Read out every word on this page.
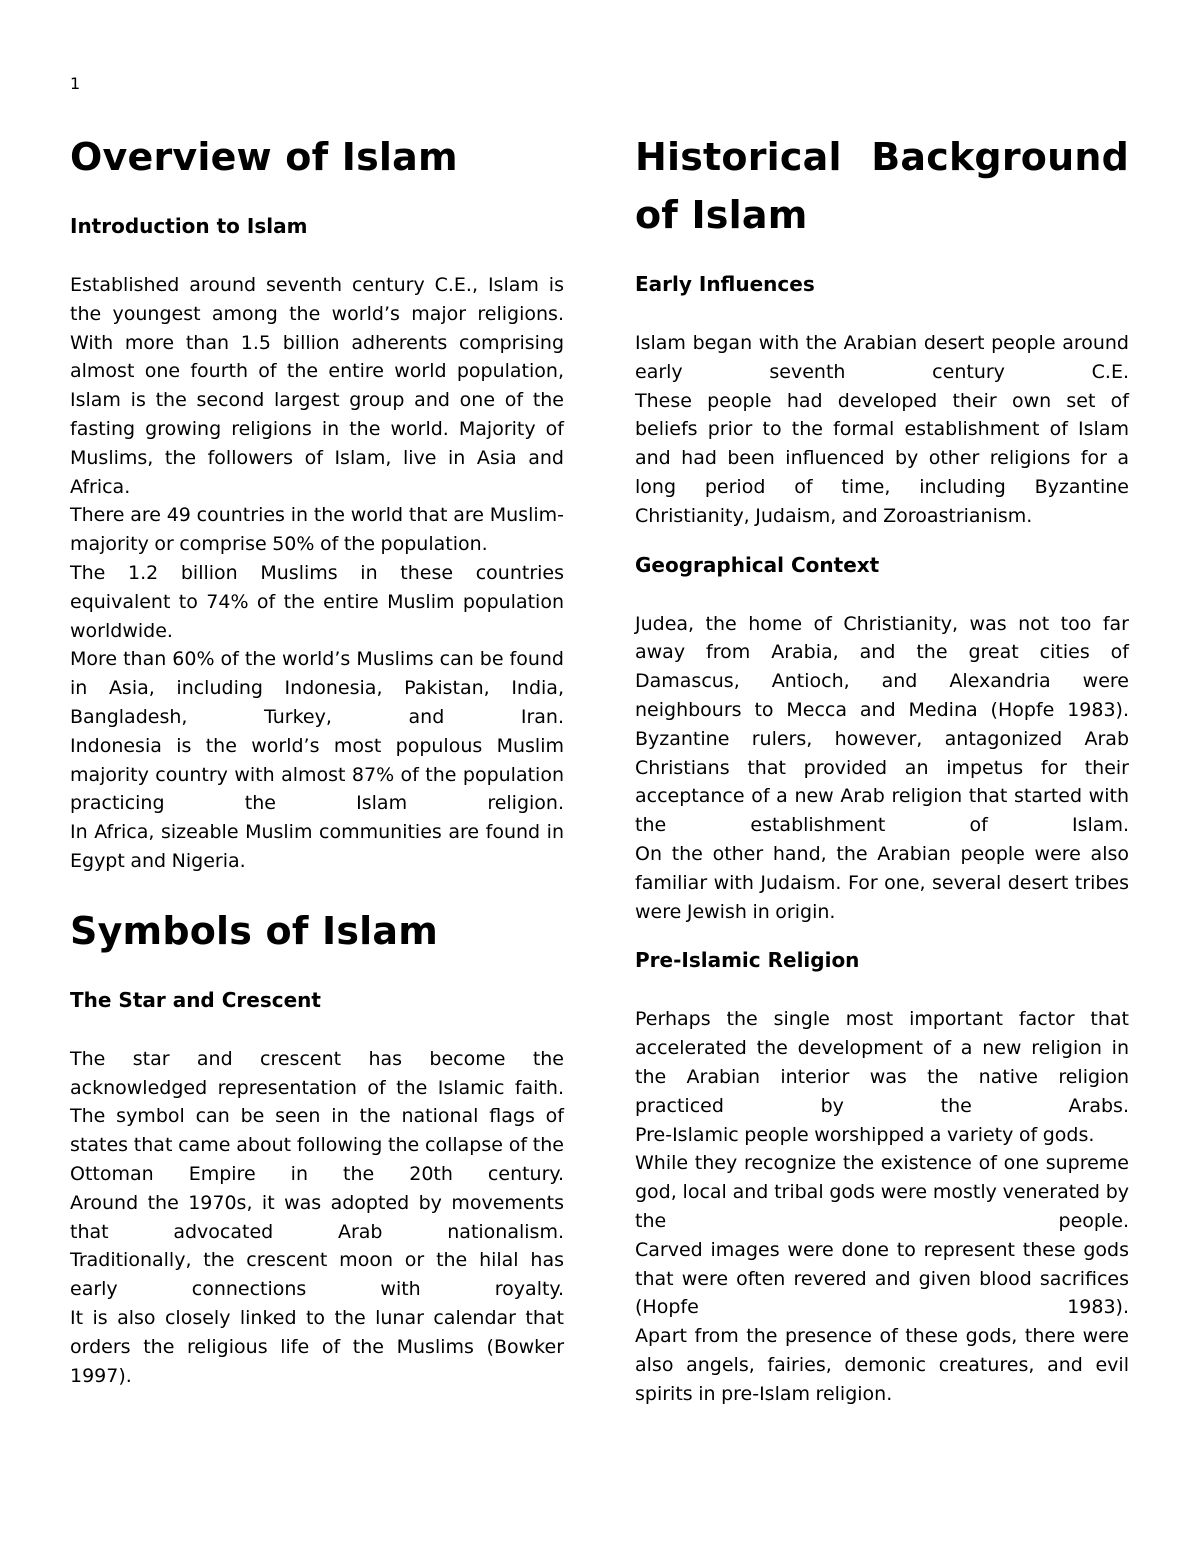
1
Overview of Islam
Introduction to Islam

Established around seventh century C.E., Islam is the youngest among the world’s major religions. With more than 1.5 billion adherents comprising almost one fourth of the entire world population, Islam is the second largest group and one of the fasting growing religions in the world. Majority of Muslims, the followers of Islam, live in Asia and Africa.

There are 49 countries in the world that are Muslim-majority or comprise 50% of the population.

The 1.2 billion Muslims in these countries equivalent to 74% of the entire Muslim population worldwide.

More than 60% of the world’s Muslims can be found in Asia, including Indonesia, Pakistan, India, Bangladesh, Turkey, and Iran.

Indonesia is the world’s most populous Muslim majority country with almost 87% of the population practicing the Islam religion.

In Africa, sizeable Muslim communities are found in Egypt and Nigeria.

Symbols of Islam
The Star and Crescent

The star and crescent has become the acknowledged representation of the Islamic faith.

The symbol can be seen in the national flags of states that came about following the collapse of the Ottoman Empire in the 20th century.

Around the 1970s, it was adopted by movements that advocated Arab nationalism.

Traditionally, the crescent moon or the hilal has early connections with royalty.

It is also closely linked to the lunar calendar that orders the religious life of the Muslims (Bowker 1997).

Historical Background of Islam
Early Influences

Islam began with the Arabian desert people around early seventh century C.E.

These people had developed their own set of beliefs prior to the formal establishment of Islam and had been influenced by other religions for a long period of time, including Byzantine Christianity, Judaism, and Zoroastrianism.

Geographical Context

Judea, the home of Christianity, was not too far away from Arabia, and the great cities of Damascus, Antioch, and Alexandria were neighbours to Mecca and Medina (Hopfe 1983).

Byzantine rulers, however, antagonized Arab Christians that provided an impetus for their acceptance of a new Arab religion that started with the establishment of Islam.

On the other hand, the Arabian people were also familiar with Judaism. For one, several desert tribes were Jewish in origin.

Pre-Islamic Religion

Perhaps the single most important factor that accelerated the development of a new religion in the Arabian interior was the native religion practiced by the Arabs.

Pre-Islamic people worshipped a variety of gods.

While they recognize the existence of one supreme god, local and tribal gods were mostly venerated by the people.

Carved images were done to represent these gods that were often revered and given blood sacrifices (Hopfe 1983).

Apart from the presence of these gods, there were also angels, fairies, demonic creatures, and evil spirits in pre-Islam religion.
